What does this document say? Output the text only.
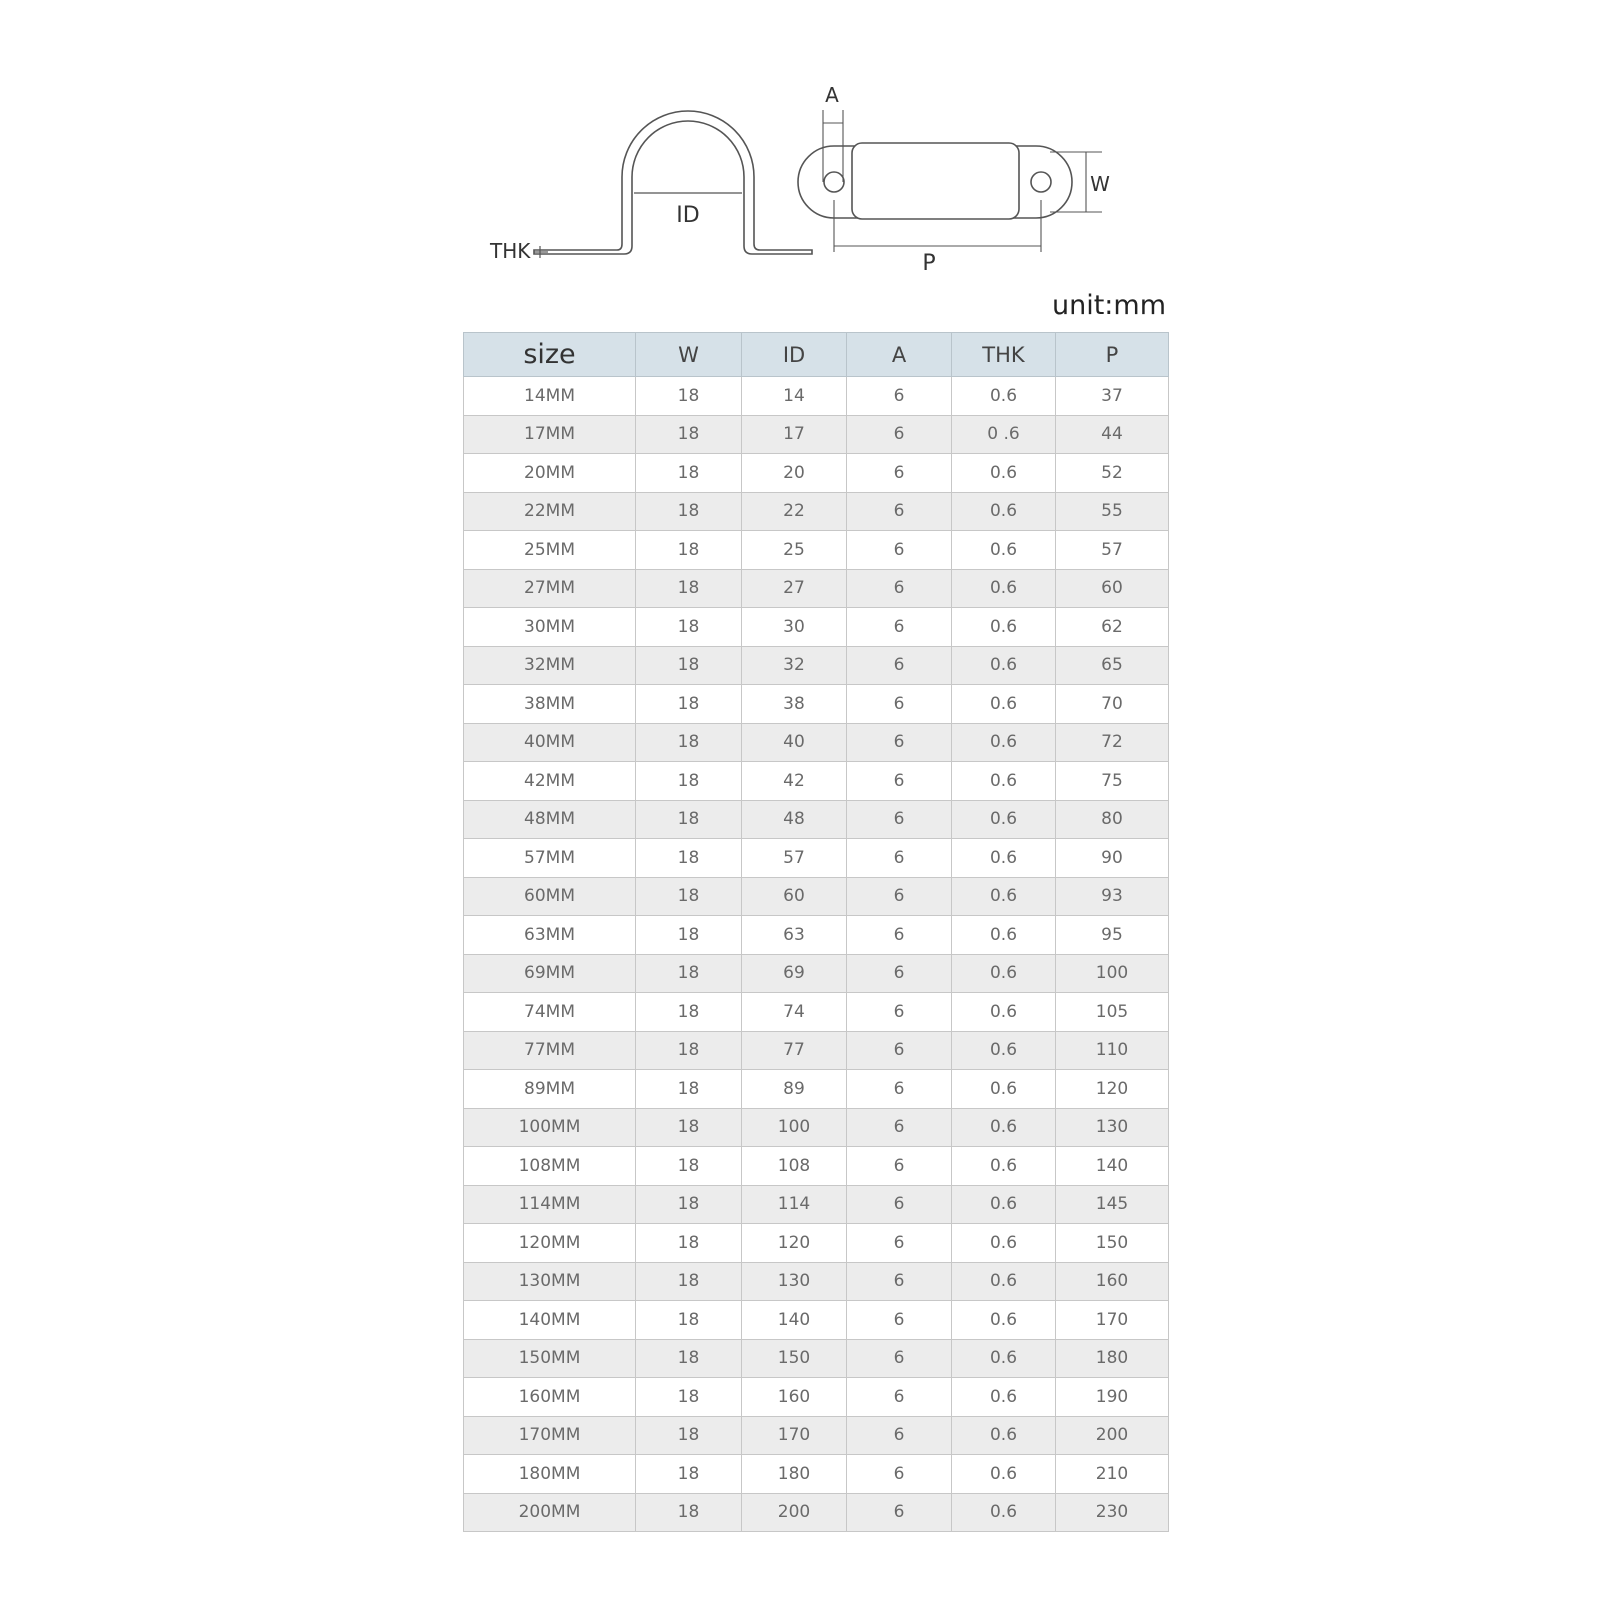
ID
THK
A
W
P
unit:mm
size	W	ID	A	THK	P
14MM	18	14	6	0.6	37
17MM	18	17	6	0 .6	44
20MM	18	20	6	0.6	52
22MM	18	22	6	0.6	55
25MM	18	25	6	0.6	57
27MM	18	27	6	0.6	60
30MM	18	30	6	0.6	62
32MM	18	32	6	0.6	65
38MM	18	38	6	0.6	70
40MM	18	40	6	0.6	72
42MM	18	42	6	0.6	75
48MM	18	48	6	0.6	80
57MM	18	57	6	0.6	90
60MM	18	60	6	0.6	93
63MM	18	63	6	0.6	95
69MM	18	69	6	0.6	100
74MM	18	74	6	0.6	105
77MM	18	77	6	0.6	110
89MM	18	89	6	0.6	120
100MM	18	100	6	0.6	130
108MM	18	108	6	0.6	140
114MM	18	114	6	0.6	145
120MM	18	120	6	0.6	150
130MM	18	130	6	0.6	160
140MM	18	140	6	0.6	170
150MM	18	150	6	0.6	180
160MM	18	160	6	0.6	190
170MM	18	170	6	0.6	200
180MM	18	180	6	0.6	210
200MM	18	200	6	0.6	230
